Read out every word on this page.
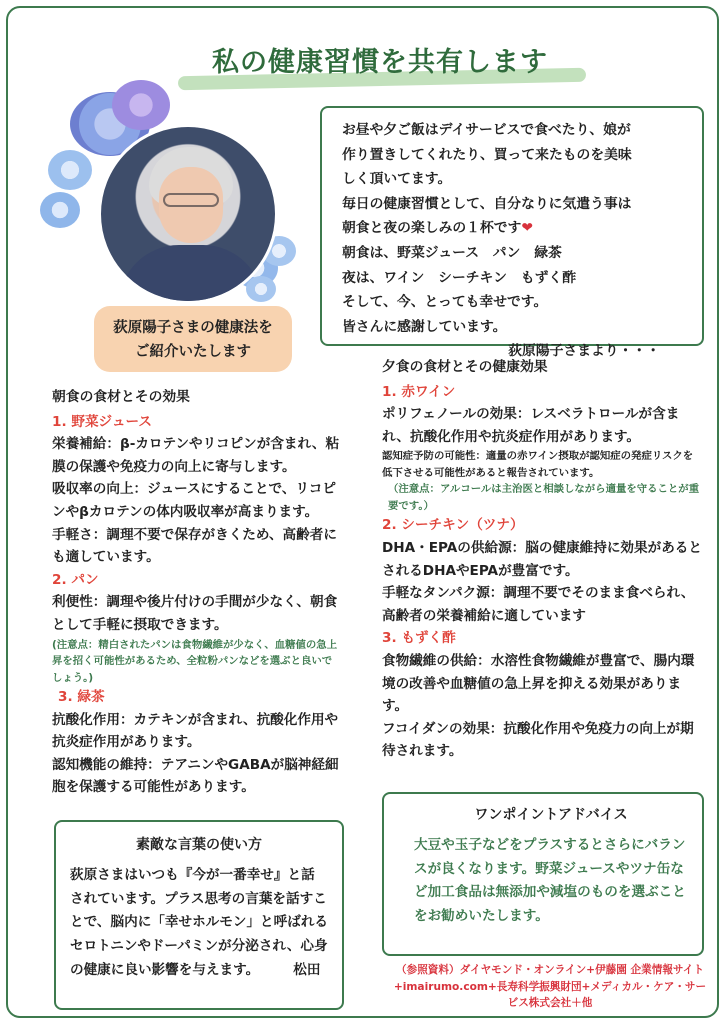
私の健康習慣を共有します
荻原陽子さまの健康法を
ご紹介いたします
お昼や夕ご飯はデイサービスで食べたり、娘が
作り置きしてくれたり、買って来たものを美味
しく頂いてます。
毎日の健康習慣として、自分なりに気遣う事は
朝食と夜の楽しみの１杯です❤
朝食は、野菜ジュース　パン　緑茶
夜は、ワイン　シーチキン　もずく酢
そして、今、とっても幸せです。
皆さんに感謝しています。
荻原陽子さまより・・・
朝食の食材とその効果
1. 野菜ジュース
栄養補給：β-カロテンやリコピンが含まれ、粘膜の保護や免疫力の向上に寄与します。
吸収率の向上：ジュースにすることで、リコピンやβカロテンの体内吸収率が高まります。
手軽さ：調理不要で保存がきくため、高齢者にも適しています。
2. パン
利便性：調理や後片付けの手間が少なく、朝食として手軽に摂取できます。
(注意点：精白されたパンは食物繊維が少なく、血糖値の急上昇を招く可能性があるため、全粒粉パンなどを選ぶと良いでしょう。)
3. 緑茶
抗酸化作用：カテキンが含まれ、抗酸化作用や抗炎症作用があります。
認知機能の維持：テアニンやGABAが脳神経細胞を保護する可能性があります。
夕食の食材とその健康効果
1. 赤ワイン
ポリフェノールの効果：レスベラトロールが含まれ、抗酸化作用や抗炎症作用があります。
認知症予防の可能性：適量の赤ワイン摂取が認知症の発症リスクを低下させる可能性があると報告されています。
（注意点：アルコールは主治医と相談しながら適量を守ることが重要です。）
2. シーチキン（ツナ）
DHA・EPAの供給源：脳の健康維持に効果があるとされるDHAやEPAが豊富です。
手軽なタンパク源：調理不要でそのまま食べられ、高齢者の栄養補給に適しています
3. もずく酢
食物繊維の供給：水溶性食物繊維が豊富で、腸内環境の改善や血糖値の急上昇を抑える効果があります。
フコイダンの効果：抗酸化作用や免疫力の向上が期待されます。
素敵な言葉の使い方
荻原さまはいつも『今が一番幸せ』と話されています。プラス思考の言葉を話すことで、脳内に「幸せホルモン」と呼ばれるセロトニンやドーパミンが分泌され、心身の健康に良い影響を与えます。	松田
ワンポイントアドバイス
大豆や玉子などをプラスするとさらにバランスが良くなります。野菜ジュースやツナ缶など加工食品は無添加や減塩のものを選ぶことをお勧めいたします。
（参照資料）ダイヤモンド・オンライン+伊藤園 企業情報サイト+imairumo.com+長寿科学振興財団+メディカル・ケア・サービス株式会社＋他
